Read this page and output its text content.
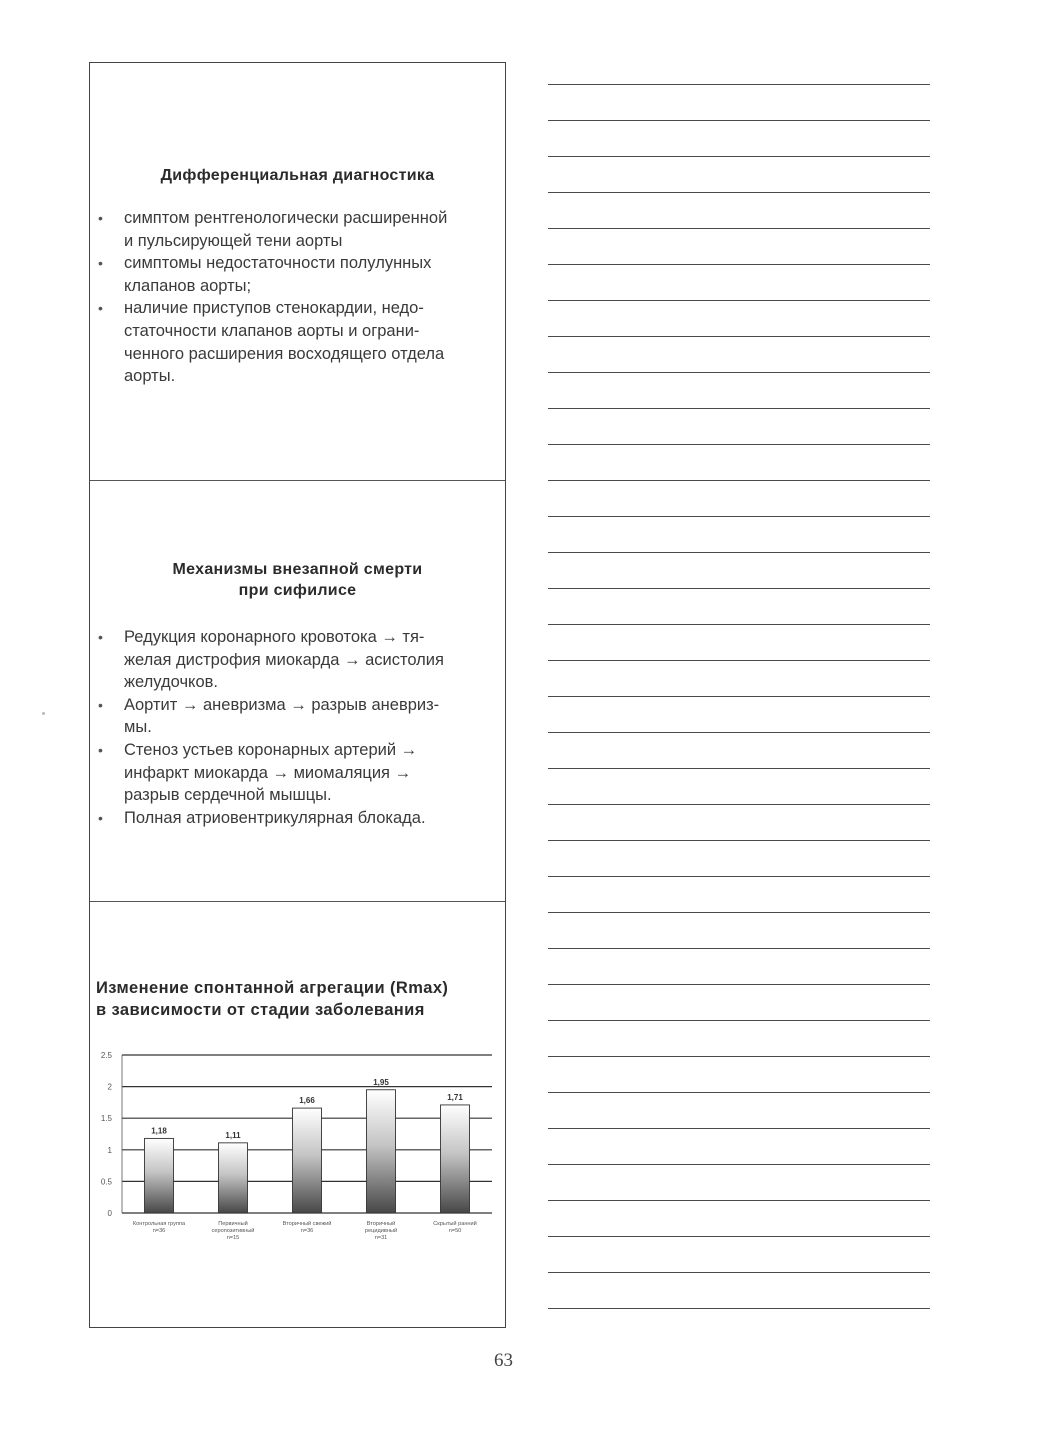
Дифференциальная диагностика
• симптом рентгенологически расширенной
и пульсирующей тени аорты
• симптомы недостаточности полулунных
клапанов аорты;
• наличие приступов стенокардии, недо-
статочности клапанов аорты и ограни-
ченного расширения восходящего отдела
аорты.
Механизмы внезапной смерти
при сифилисе
• Редукция коронарного кровотока → тя-
желая дистрофия миокарда → асистолия
желудочков.
• Аортит → аневризма → разрыв аневриз-
мы.
• Стеноз устьев коронарных артерий →
инфаркт миокарда → миомаляция →
разрыв сердечной мышцы.
• Полная атриовентрикулярная блокада.
Изменение спонтанной агрегации (Rmax)
в зависимости от стадии заболевания
0
0.5
1
1.5
2
2.5
1,18	1,11
1,66
1,95
1,71
Контрольная группа
n=36
Первичный
серопозитивный
n=15
Вторичный свежий
n=36
Вторичный
рецидивный
n=31
Скрытый ранний
n=50
63
